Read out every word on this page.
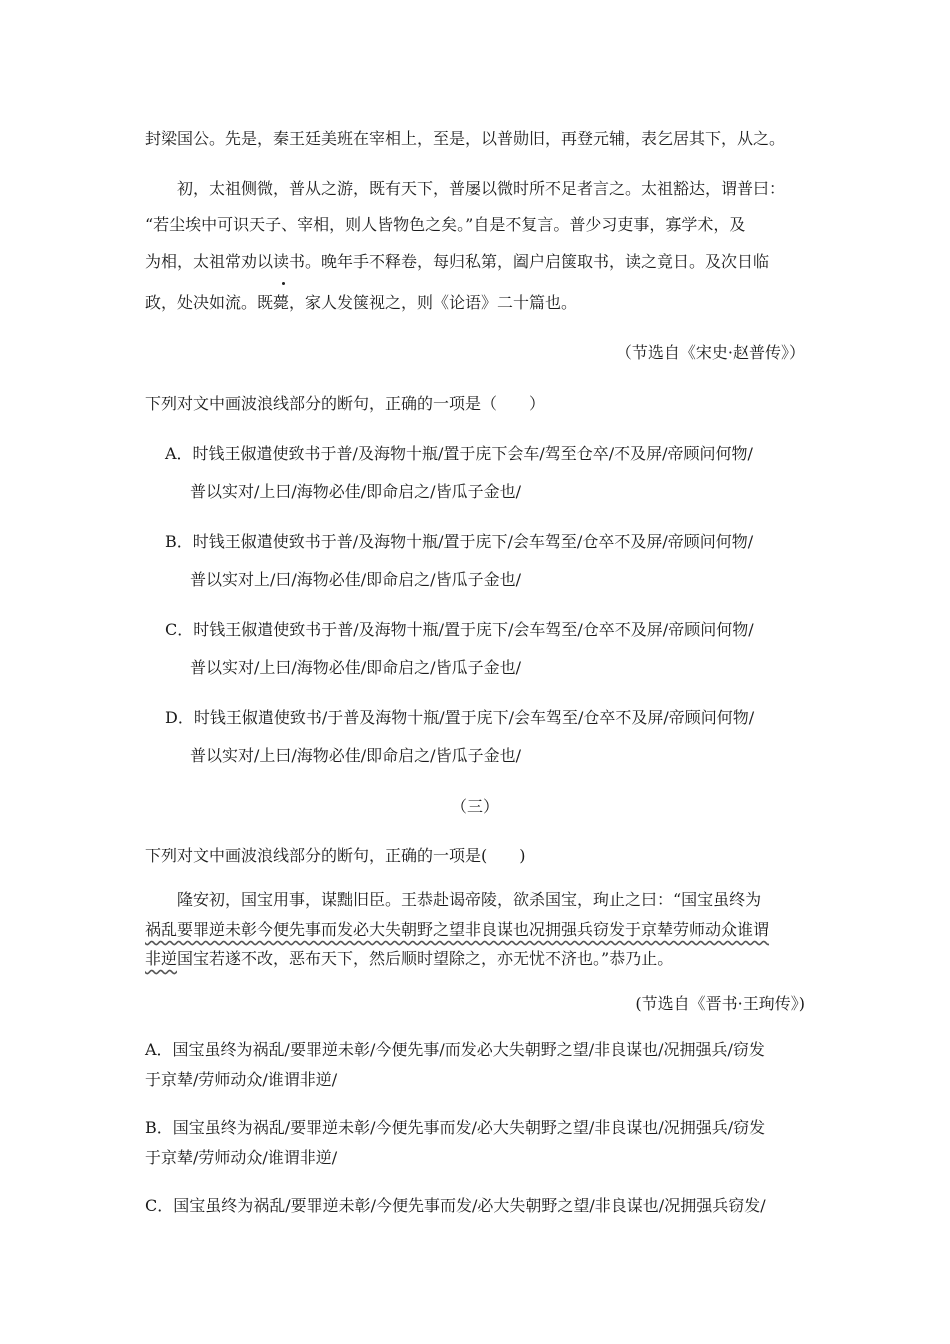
封梁国公。先是，秦王廷美班在宰相上，至是，以普勋旧，再登元辅，表乞居其下，从之。
初，太祖侧微，普从之游，既有天下，普屡以微时所不足者言之。太祖豁达，谓普曰：
“若尘埃中可识天子、宰相，则人皆物色之矣。”自是不复言。普少习吏事，寡学术，及
为相，太祖常劝以读书。晚年手不释卷，每归私第，阖户启箧取书，读之竟日。及次日临
政，处决如流。既薨，家人发箧视之，则《论语》二十篇也。
（节选自《宋史·赵普传》）
下列对文中画波浪线部分的断句，正确的一项是（　　）
A．时钱王俶遣使致书于普/及海物十瓶/置于庑下会车/驾至仓卒/不及屏/帝顾问何物/
普以实对/上曰/海物必佳/即命启之/皆瓜子金也/
B．时钱王俶遣使致书于普/及海物十瓶/置于庑下/会车驾至/仓卒不及屏/帝顾问何物/
普以实对上/曰/海物必佳/即命启之/皆瓜子金也/
C．时钱王俶遣使致书于普/及海物十瓶/置于庑下/会车驾至/仓卒不及屏/帝顾问何物/
普以实对/上曰/海物必佳/即命启之/皆瓜子金也/
D．时钱王俶遣使致书/于普及海物十瓶/置于庑下/会车驾至/仓卒不及屏/帝顾问何物/
普以实对/上曰/海物必佳/即命启之/皆瓜子金也/
（三）
下列对文中画波浪线部分的断句，正确的一项是(　　)
隆安初，国宝用事，谋黜旧臣。王恭赴谒帝陵，欲杀国宝，珣止之曰：“国宝虽终为
祸乱要罪逆未彰今便先事而发必大失朝野之望非良谋也况拥强兵窃发于京辇劳师动众谁谓
非逆国宝若遂不改，恶布天下，然后顺时望除之，亦无忧不济也。”恭乃止。
(节选自《晋书·王珣传》)
A．国宝虽终为祸乱/要罪逆未彰/今便先事/而发必大失朝野之望/非良谋也/况拥强兵/窃发
于京辇/劳师动众/谁谓非逆/
B．国宝虽终为祸乱/要罪逆未彰/今便先事而发/必大失朝野之望/非良谋也/况拥强兵/窃发
于京辇/劳师动众/谁谓非逆/
C．国宝虽终为祸乱/要罪逆未彰/今便先事而发/必大失朝野之望/非良谋也/况拥强兵窃发/
